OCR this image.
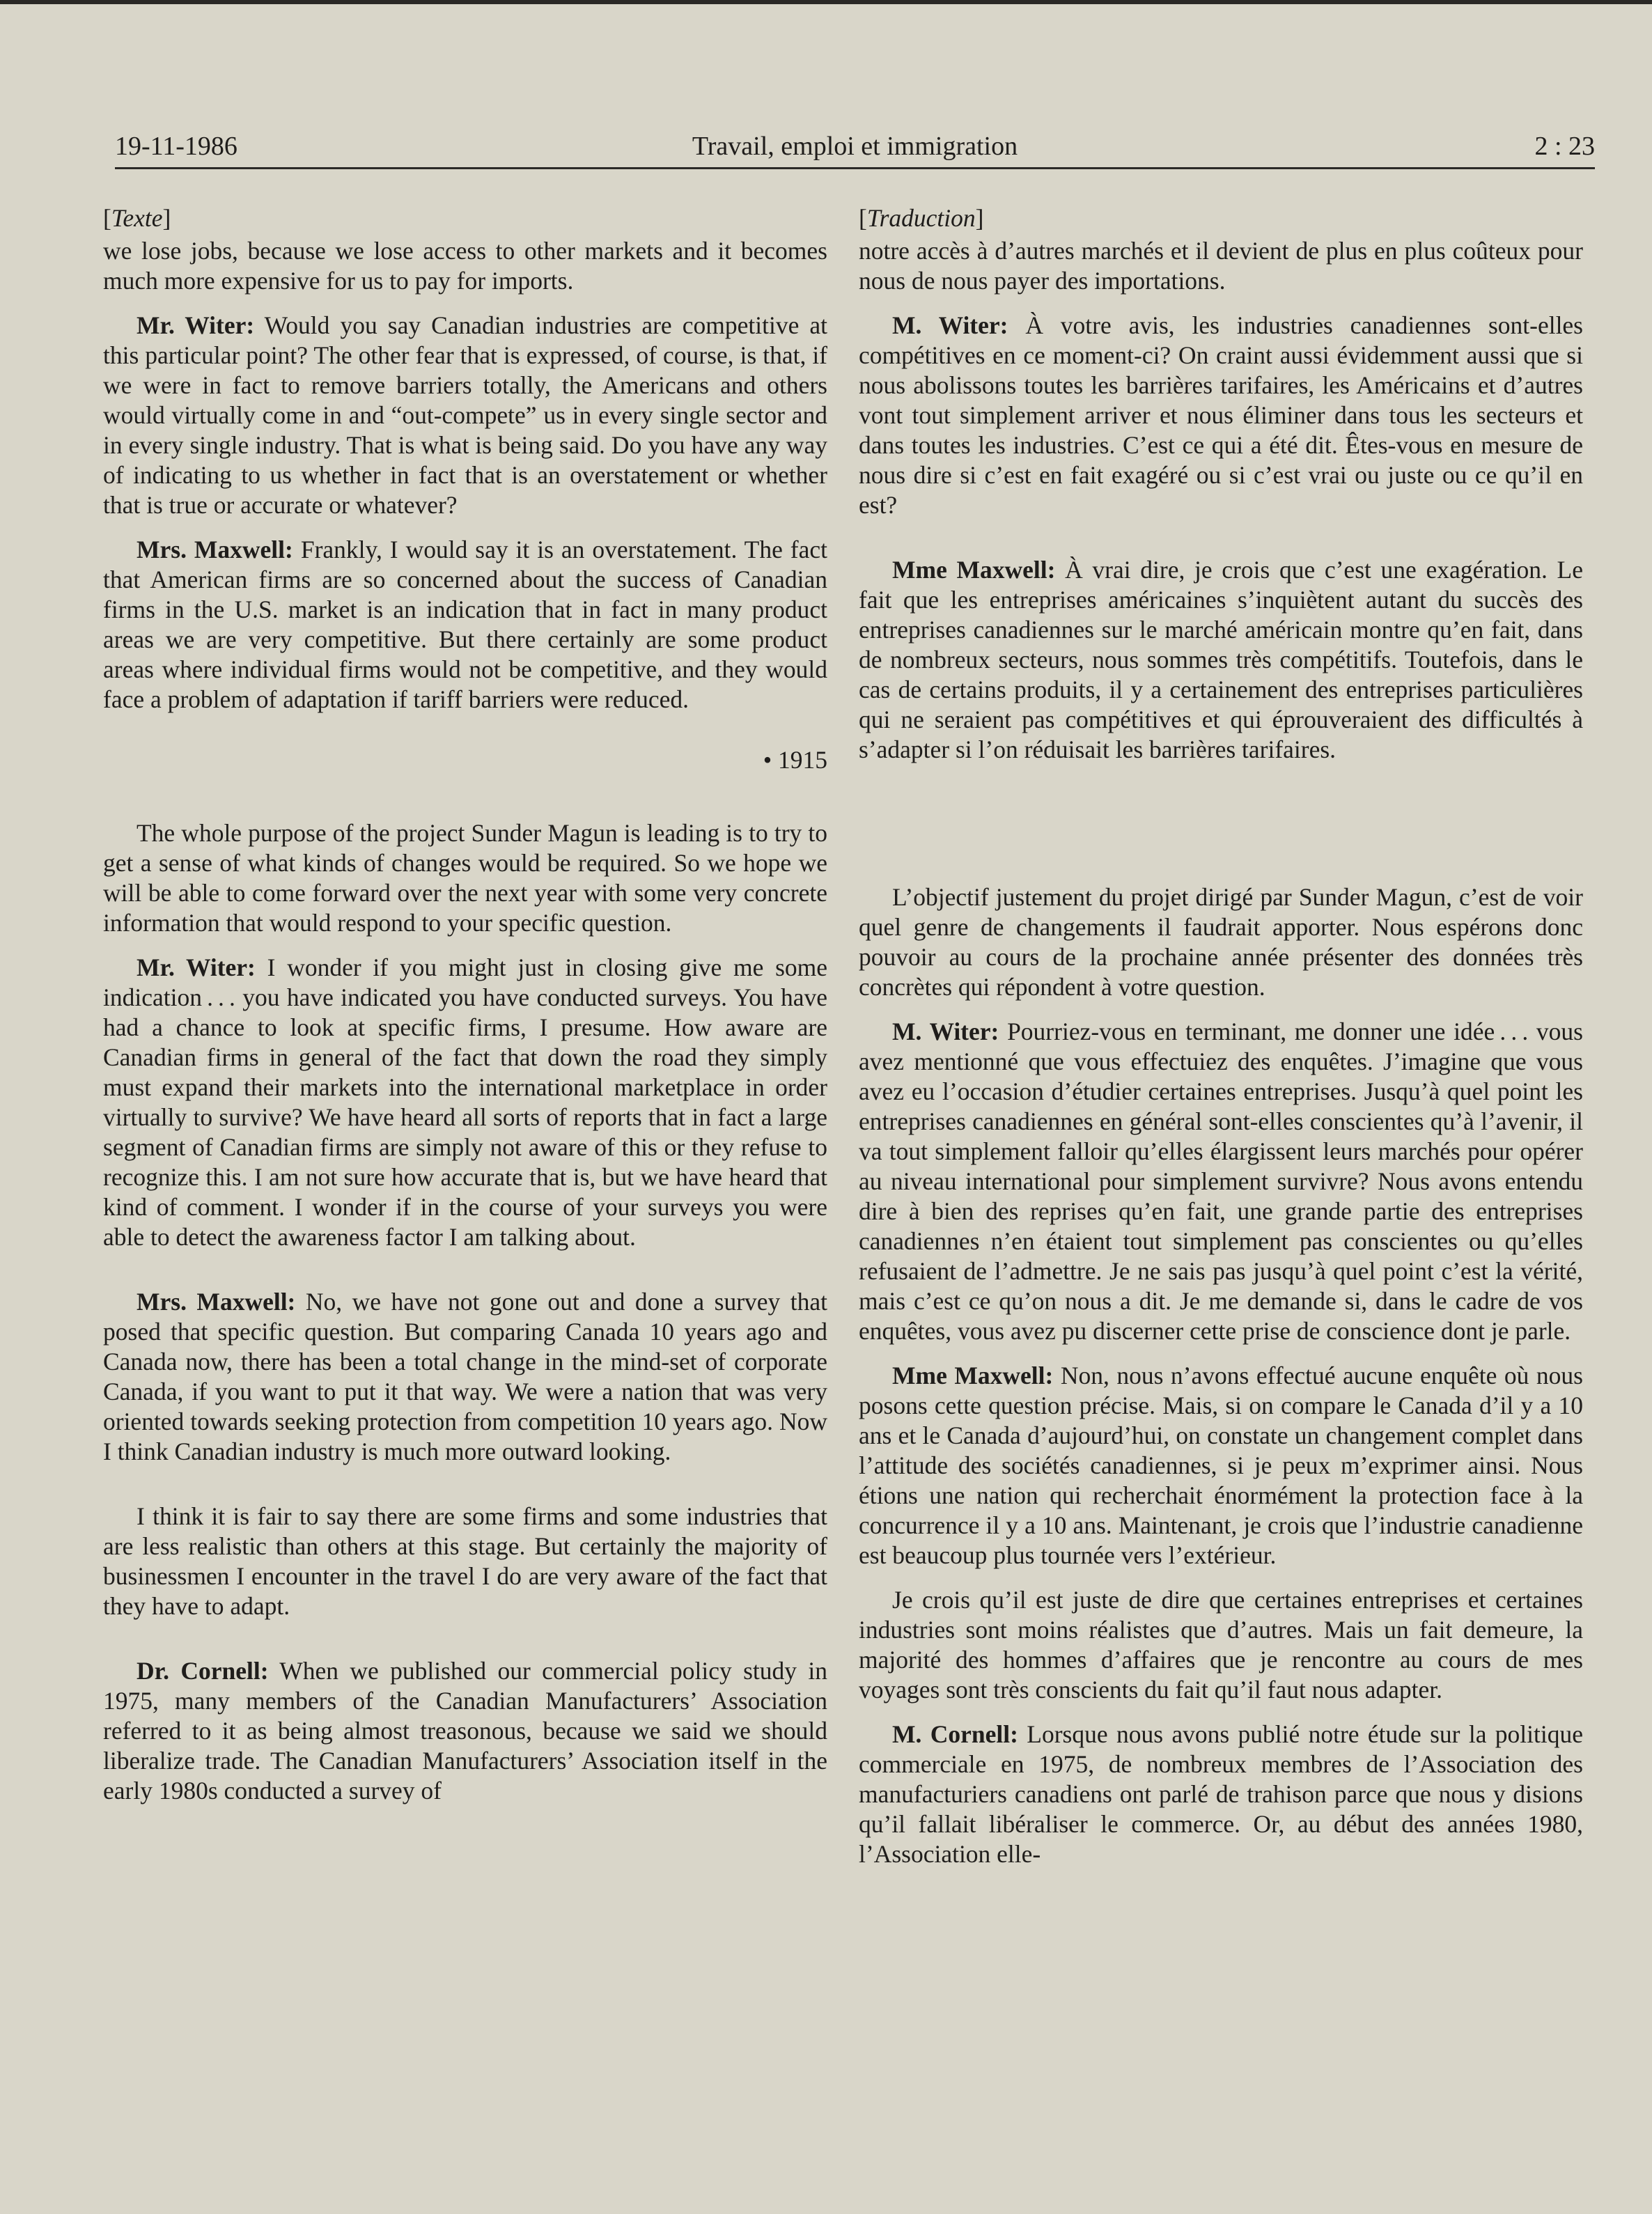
19-11-1986	Travail, emploi et immigration	2 : 23
[Texte]

we lose jobs, because we lose access to other markets and it becomes much more expensive for us to pay for imports.

Mr. Witer: Would you say Canadian industries are competitive at this particular point? The other fear that is expressed, of course, is that, if we were in fact to remove barriers totally, the Americans and others would virtually come in and “out-compete” us in every single sector and in every single industry. That is what is being said. Do you have any way of indicating to us whether in fact that is an overstatement or whether that is true or accurate or whatever?

Mrs. Maxwell: Frankly, I would say it is an overstatement. The fact that American firms are so concerned about the success of Canadian firms in the U.S. market is an indication that in fact in many product areas we are very competitive. But there certainly are some product areas where individual firms would not be competitive, and they would face a problem of adaptation if tariff barriers were reduced.

• 1915

The whole purpose of the project Sunder Magun is leading is to try to get a sense of what kinds of changes would be required. So we hope we will be able to come forward over the next year with some very concrete information that would respond to your specific question.

Mr. Witer: I wonder if you might just in closing give me some indication . . . you have indicated you have conducted surveys. You have had a chance to look at specific firms, I presume. How aware are Canadian firms in general of the fact that down the road they simply must expand their markets into the international marketplace in order virtually to survive? We have heard all sorts of reports that in fact a large segment of Canadian firms are simply not aware of this or they refuse to recognize this. I am not sure how accurate that is, but we have heard that kind of comment. I wonder if in the course of your surveys you were able to detect the awareness factor I am talking about.

Mrs. Maxwell: No, we have not gone out and done a survey that posed that specific question. But comparing Canada 10 years ago and Canada now, there has been a total change in the mind-set of corporate Canada, if you want to put it that way. We were a nation that was very oriented towards seeking protection from competition 10 years ago. Now I think Canadian industry is much more outward looking.

I think it is fair to say there are some firms and some industries that are less realistic than others at this stage. But certainly the majority of businessmen I encounter in the travel I do are very aware of the fact that they have to adapt.

Dr. Cornell: When we published our commercial policy study in 1975, many members of the Canadian Manufacturers’ Association referred to it as being almost treasonous, because we said we should liberalize trade. The Canadian Manufacturers’ Association itself in the early 1980s conducted a survey of

[Traduction]

notre accès à d’autres marchés et il devient de plus en plus coûteux pour nous de nous payer des importations.

M. Witer: À votre avis, les industries canadiennes sont-elles compétitives en ce moment-ci? On craint aussi évidemment aussi que si nous abolissons toutes les barrières tarifaires, les Américains et d’autres vont tout simplement arriver et nous éliminer dans tous les secteurs et dans toutes les industries. C’est ce qui a été dit. Êtes-vous en mesure de nous dire si c’est en fait exagéré ou si c’est vrai ou juste ou ce qu’il en est?

Mme Maxwell: À vrai dire, je crois que c’est une exagération. Le fait que les entreprises américaines s’inquiètent autant du succès des entreprises canadiennes sur le marché américain montre qu’en fait, dans de nombreux secteurs, nous sommes très compétitifs. Toutefois, dans le cas de certains produits, il y a certainement des entreprises particulières qui ne seraient pas compétitives et qui éprouveraient des difficultés à s’adapter si l’on réduisait les barrières tarifaires.

L’objectif justement du projet dirigé par Sunder Magun, c’est de voir quel genre de changements il faudrait apporter. Nous espérons donc pouvoir au cours de la prochaine année présenter des données très concrètes qui répondent à votre question.

M. Witer: Pourriez-vous en terminant, me donner une idée . . . vous avez mentionné que vous effectuiez des enquêtes. J’imagine que vous avez eu l’occasion d’étudier certaines entreprises. Jusqu’à quel point les entreprises canadiennes en général sont-elles conscientes qu’à l’avenir, il va tout simplement falloir qu’elles élargissent leurs marchés pour opérer au niveau international pour simplement survivre? Nous avons entendu dire à bien des reprises qu’en fait, une grande partie des entreprises canadiennes n’en étaient tout simplement pas conscientes ou qu’elles refusaient de l’admettre. Je ne sais pas jusqu’à quel point c’est la vérité, mais c’est ce qu’on nous a dit. Je me demande si, dans le cadre de vos enquêtes, vous avez pu discerner cette prise de conscience dont je parle.

Mme Maxwell: Non, nous n’avons effectué aucune enquête où nous posons cette question précise. Mais, si on compare le Canada d’il y a 10 ans et le Canada d’aujourd’hui, on constate un changement complet dans l’attitude des sociétés canadiennes, si je peux m’exprimer ainsi. Nous étions une nation qui recherchait énormément la protection face à la concurrence il y a 10 ans. Maintenant, je crois que l’industrie canadienne est beaucoup plus tournée vers l’extérieur.

Je crois qu’il est juste de dire que certaines entreprises et certaines industries sont moins réalistes que d’autres. Mais un fait demeure, la majorité des hommes d’affaires que je rencontre au cours de mes voyages sont très conscients du fait qu’il faut nous adapter.

M. Cornell: Lorsque nous avons publié notre étude sur la politique commerciale en 1975, de nombreux membres de l’Association des manufacturiers canadiens ont parlé de trahison parce que nous y disions qu’il fallait libéraliser le commerce. Or, au début des années 1980, l’Association elle-
